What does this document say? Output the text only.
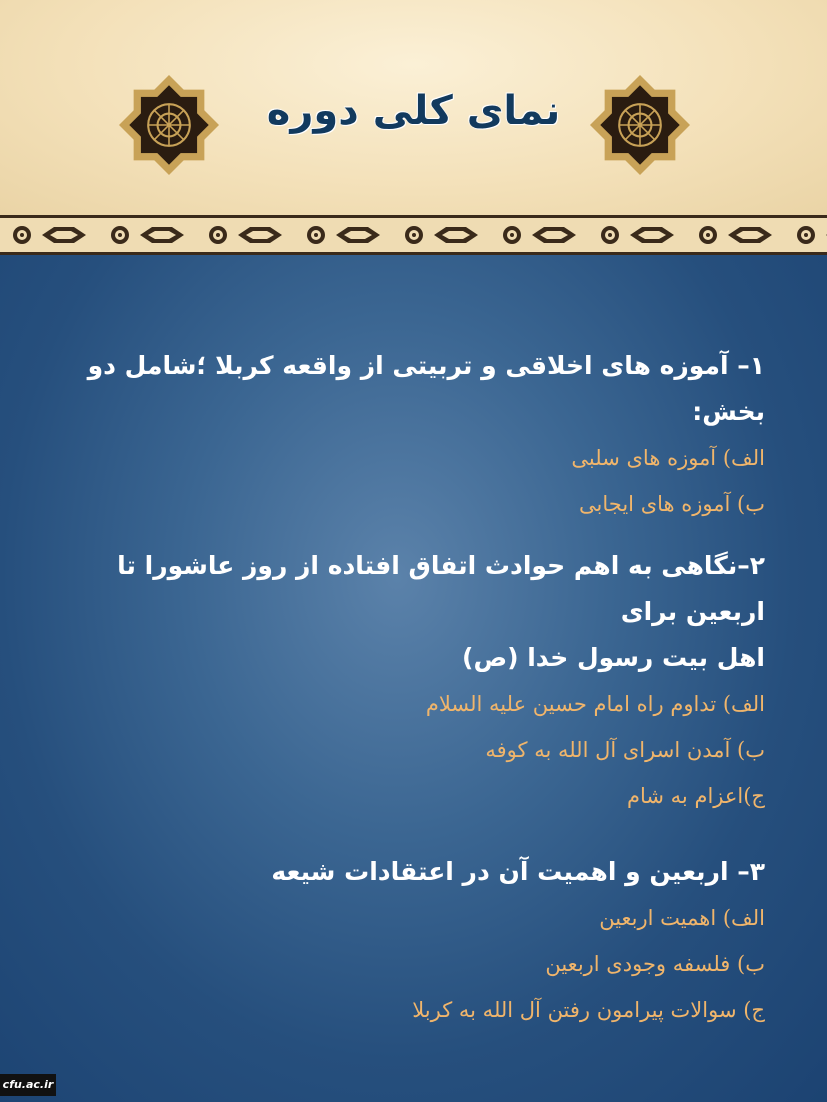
نمای کلی دوره

۱– آموزه های اخلاقی و تربیتی از واقعه کربلا ؛شامل دو بخش:

الف) آموزه های سلبی

ب) آموزه های ایجابی

۲–نگاهی به اهم حوادث اتفاق افتاده از روز عاشورا تا اربعین برای

اهل بیت رسول خدا (ص)

الف) تداوم راه امام حسین علیه السلام

ب) آمدن اسرای آل الله به کوفه

ج)اعزام به شام

۳– اربعین و اهمیت آن در اعتقادات شیعه

الف) اهمیت اربعین

ب) فلسفه وجودی اربعین

ج) سوالات پیرامون رفتن آل الله به کربلا

cfu.ac.ir
